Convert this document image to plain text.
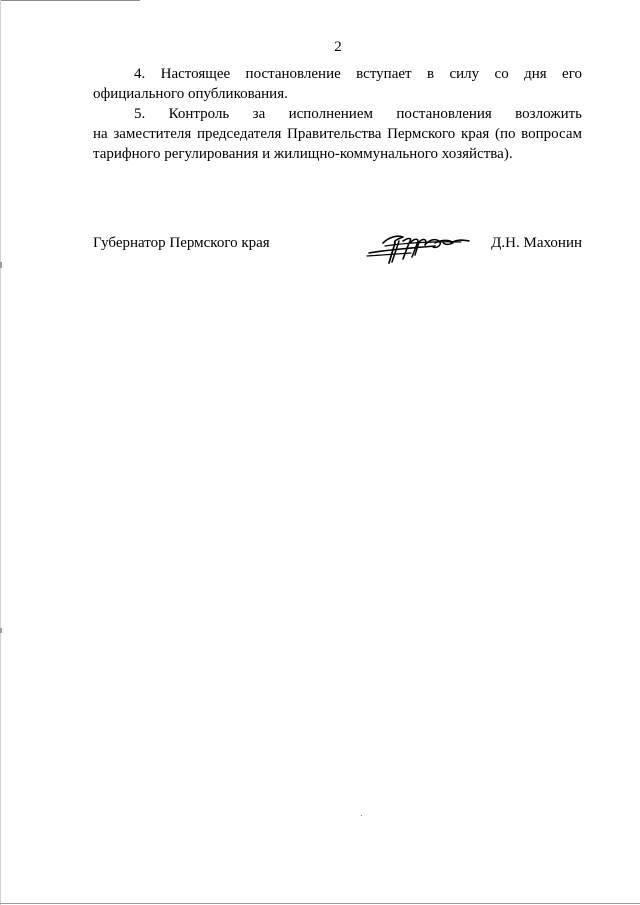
2

4. Настоящее постановление вступает в силу со дня его

официального опубликования.

5. Контроль за исполнением постановления возложить

на заместителя председателя Правительства Пермского края (по вопросам

тарифного регулирования и жилищно-коммунального хозяйства).

Губернатор Пермского края	Д.Н. Махонин
